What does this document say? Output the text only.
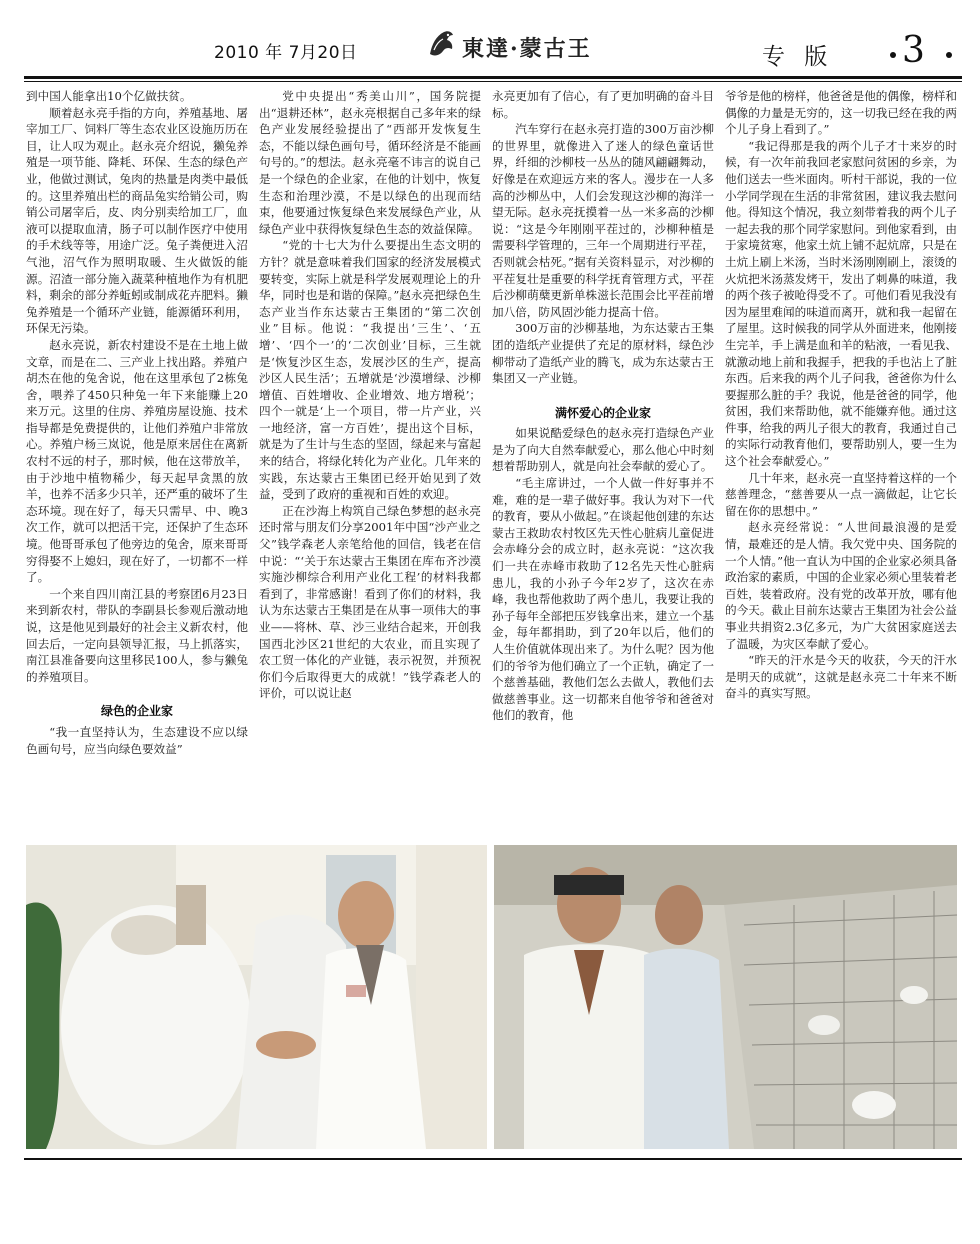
2010 年 7月20日	東達·蒙古王	专 版 3

到中国人能拿出10个亿做扶贫。

顺着赵永亮手指的方向，养殖基地、屠宰加工厂、饲料厂等生态农业区设施历历在目，让人叹为观止。赵永亮介绍说，獭兔养殖是一项节能、降耗、环保、生态的绿色产业，他做过测试，兔肉的热量是肉类中最低的。这里养殖出栏的商品兔实给销公司，购销公司屠宰后，皮、肉分别卖给加工厂，血液可以提取血清，肠子可以制作医疗中使用的手术线等等，用途广泛。兔子粪便进入沼气池，沼气作为照明取暖、生火做饭的能源。沼渣一部分施入蔬菜种植地作为有机肥料，剩余的部分养蚯蚓或制成花卉肥料。獭兔养殖是一个循环产业链，能源循环利用，环保无污染。

赵永亮说，新农村建设不是在土地上做文章，而是在二、三产业上找出路。养殖户胡杰在他的兔舍说，他在这里承包了2栋兔舍，喂养了450只种兔一年下来能赚上20来万元。这里的住房、养殖房屋设施、技术指导都是免费提供的，让他们养殖户非常放心。养殖户杨三岚说，他是原来居住在离新农村不远的村子，那时候，他在这带放羊，由于沙地中植物稀少，每天起早贪黑的放羊，也养不活多少只羊，还严重的破坏了生态环境。现在好了，每天只需早、中、晚3次工作，就可以把活干完，还保护了生态环境。他哥哥承包了他旁边的兔舍，原来哥哥穷得娶不上媳妇，现在好了，一切都不一样了。

一个来自四川南江县的考察团6月23日来到新农村，带队的李副县长参观后激动地说，这是他见到最好的社会主义新农村，他回去后，一定向县领导汇报，马上抓落实，南江县准备要向这里移民100人，参与獭兔的养殖项目。

绿色的企业家

“我一直坚持认为，生态建设不应以绿色画句号，应当向绿色要效益”

党中央提出“秀美山川”，国务院提出“退耕还林”，赵永亮根据自己多年来的绿色产业发展经验提出了“西部开发恢复生态，不能以绿色画句号，循环经济是不能画句号的。”的想法。赵永亮毫不讳言的说自己是一个绿色的企业家，在他的计划中，恢复生态和治理沙漠，不是以绿色的出现而结束，他要通过恢复绿色来发展绿色产业，从绿色产业中获得恢复绿色生态的效益保障。

“党的十七大为什么要提出生态文明的方针？就是意味着我们国家的经济发展模式要转变，实际上就是科学发展观理论上的升华，同时也是和谐的保障。”赵永亮把绿色生态产业当作东达蒙古王集团的“第二次创业”目标。他说：“我提出‘三生’、‘五增’、‘四个一’的‘二次创业’目标，三生就是‘恢复沙区生态，发展沙区的生产，提高沙区人民生活’；五增就是‘沙漠增绿、沙柳增值、百姓增收、企业增效、地方增税’；四个一就是‘上一个项目，带一片产业，兴一地经济，富一方百姓’，提出这个目标，就是为了生计与生态的坚固，绿起来与富起来的结合，将绿化转化为产业化。几年来的实践，东达蒙古王集团已经开始见到了效益，受到了政府的重视和百姓的欢迎。

正在沙海上构筑自己绿色梦想的赵永亮还时常与朋友们分享2001年中国“沙产业之父”钱学森老人亲笔给他的回信，钱老在信中说：“‘关于东达蒙古王集团在库布齐沙漠实施沙柳综合利用产业化工程’的材料我都看到了，非常感谢！看到了你们的材料，我认为东达蒙古王集团是在从事一项伟大的事业——将林、草、沙三业结合起来，开创我国西北沙区21世纪的大农业，而且实现了农工贸一体化的产业链，表示祝贺，并预祝你们今后取得更大的成就！”钱学森老人的评价，可以说让赵

永亮更加有了信心，有了更加明确的奋斗目标。

汽车穿行在赵永亮打造的300万亩沙柳的世界里，就像进入了迷人的绿色童话世界，纤细的沙柳枝一丛丛的随风翩翩舞动，好像是在欢迎远方来的客人。漫步在一人多高的沙柳丛中，人们会发现这沙柳的海洋一望无际。赵永亮抚摸着一丛一米多高的沙柳说：“这是今年刚刚平茬过的，沙柳种植是需要科学管理的，三年一个周期进行平茬，否则就会枯死。”据有关资料显示，对沙柳的平茬复壮是重要的科学抚育管理方式，平茬后沙柳萌蘖更新单株滋长范围会比平茬前增加八倍，防风固沙能力提高十倍。

300万亩的沙柳基地，为东达蒙古王集团的造纸产业提供了充足的原材料，绿色沙柳带动了造纸产业的腾飞，成为东达蒙古王集团又一产业链。

满怀爱心的企业家

如果说酷爱绿色的赵永亮打造绿色产业是为了向大自然奉献爱心，那么他心中时刻想着帮助别人，就是向社会奉献的爱心了。

“毛主席讲过，一个人做一件好事并不难，难的是一辈子做好事。我认为对下一代的教育，要从小做起。”在谈起他创建的东达蒙古王救助农村牧区先天性心脏病儿童促进会赤峰分会的成立时，赵永亮说：“这次我们一共在赤峰市救助了12名先天性心脏病患儿，我的小孙子今年2岁了，这次在赤峰，我也帮他救助了两个患儿，我要让我的孙子每年全部把压岁钱拿出来，建立一个基金，每年都捐助，到了20年以后，他们的人生价值就体现出来了。为什么呢？因为他们的爷爷为他们确立了一个正轨，确定了一个慈善基础，教他们怎么去做人，教他们去做慈善事业。这一切都来自他爷爷和爸爸对他们的教育，他

爷爷是他的榜样，他爸爸是他的偶像，榜样和偶像的力量是无穷的，这一切我已经在我的两个儿子身上看到了。”

“我记得那是我的两个儿子才十来岁的时候，有一次年前我回老家慰问贫困的乡亲，为他们送去一些米面肉。听村干部说，我的一位小学同学现在生活的非常贫困，建议我去慰问他。得知这个情况，我立刻带着我的两个儿子一起去我的那个同学家慰问。到他家看到，由于家境贫寒，他家土炕上铺不起炕席，只是在土炕上刷上米汤，当时米汤刚刚刷上，滚烫的火炕把米汤蒸发烤干，发出了刺鼻的味道，我的两个孩子被呛得受不了。可他们看见我没有因为屋里难闻的味道而离开，就和我一起留在了屋里。这时候我的同学从外面进来，他刚接生完羊，手上满是血和羊的粘液，一看见我、就激动地上前和我握手，把我的手也沾上了脏东西。后来我的两个儿子问我，爸爸你为什么要握那么脏的手？我说，他是爸爸的同学，他贫困，我们来帮助他，就不能嫌弃他。通过这件事，给我的两儿子很大的教育，我通过自己的实际行动教育他们，要帮助别人，要一生为这个社会奉献爱心。”

几十年来，赵永亮一直坚持着这样的一个慈善理念，“慈善要从一点一滴做起，让它长留在你的思想中。”

赵永亮经常说：“人世间最浪漫的是爱情，最难还的是人情。我欠党中央、国务院的一个人情。”他一直认为中国的企业家必须具备政治家的素质，中国的企业家必须心里装着老百姓，装着政府。没有党的改革开放，哪有他的今天。截止目前东达蒙古王集团为社会公益事业共捐资2.3亿多元，为广大贫困家庭送去了温暖，为灾区奉献了爱心。

“昨天的汗水是今天的收获，今天的汗水是明天的成就”，这就是赵永亮二十年来不断奋斗的真实写照。
